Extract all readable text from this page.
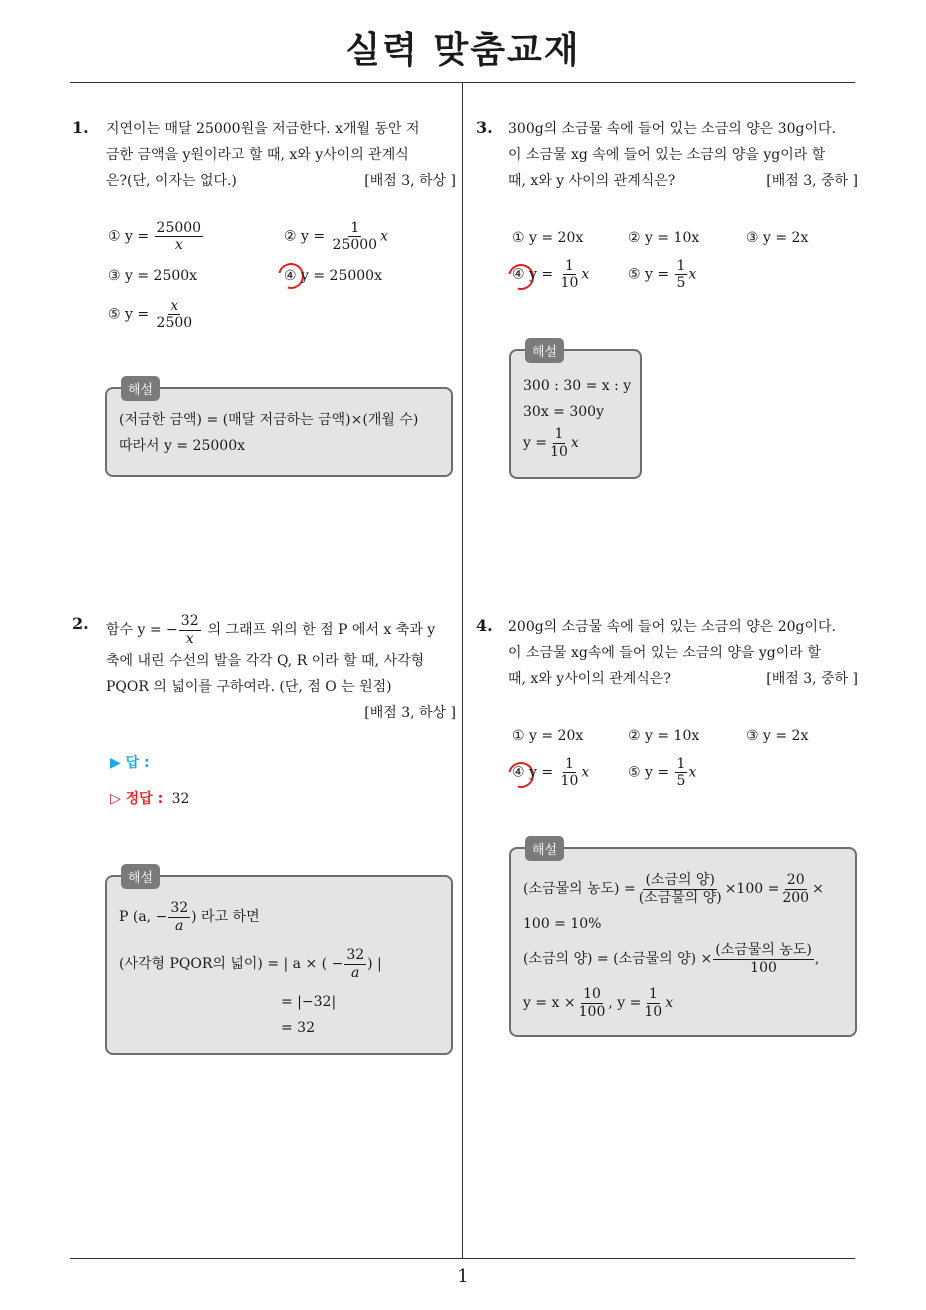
실력 맞춤교재
1
1. 지연이는 매달 25000원을 저금한다. x개월 동안 저
금한 금액을 y원이라고 할 때, x와 y사이의 관계식
은?(단, 이자는 없다.)	[배점 3, 하상 ]
① $y = \frac{25000}{x}$	② $y = \frac{1}{25000}$ x
③ y = 2500x	④ y = 25000x
⑤ $y = \frac{x}{2500}$
해설
(저금한 금액) = (매달 저금하는 금액)×(개월 수)
따라서 y = 25000x
2. 함수 y = − $\frac{32}{x}$ 의 그래프 위의 한 점 P 에서 x 축과 y
축에 내린 수선의 발을 각각 Q, R 이라 할 때, 사각형
PQOR 의 넓이를 구하여라. (단, 점 O 는 원점)
[배점 3, 하상 ]
▶ 답 :
▷ 정답 : 32
해설
P (a, − $\frac{32}{a}$ ) 라고 하면
(사각형 PQOR의 넓이) = | a × ( − $\frac{32}{a}$ ) |
= |−32|
= 32
3. 300g의 소금물 속에 들어 있는 소금의 양은 30g이다.
이 소금물 xg 속에 들어 있는 소금의 양을 yg이라 할
때, x와 y 사이의 관계식은?	[배점 3, 중하 ]
① y = 20x	② y = 10x	③ y = 2x
④ $y = \frac{1}{10}$ x	⑤ $y = \frac{1}{5}$ x
해설
300 : 30 = x : y
30x = 300y
$y = \frac{1}{10}$ x
4. 200g의 소금물 속에 들어 있는 소금의 양은 20g이다.
이 소금물 xg속에 들어 있는 소금의 양을 yg이라 할
때, x와 y사이의 관계식은?	[배점 3, 중하 ]
① y = 20x	② y = 10x	③ y = 2x
④ $y = \frac{1}{10}$ x	⑤ $y = \frac{1}{5}$ x
해설
(소금물의 농도) = $\frac{\text{(소금의 양)}}{\text{(소금물의 양)}} \times 100 = \frac{20}{200}$ ×
100 = 10%
(소금의 양) = (소금물의 양) × $\frac{\text{(소금물의 농도)}}{100}$ ,
$y = x \times \frac{10}{100}$ , $y = \frac{1}{10}$ x
